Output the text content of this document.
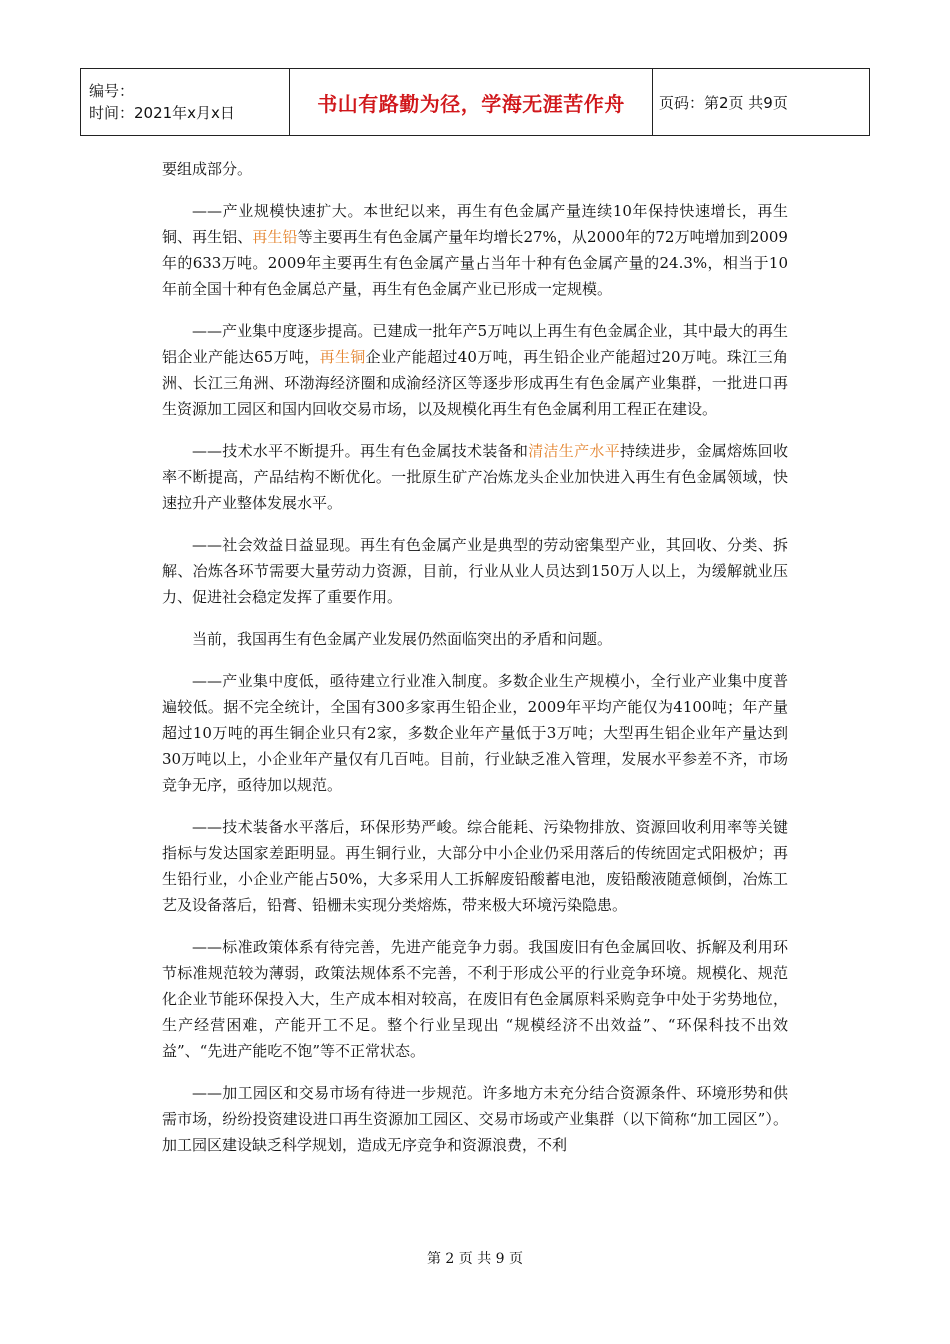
编号：
时间：2021年x月x日	书山有路勤为径，学海无涯苦作舟	页码：第2页 共9页

要组成部分。

——产业规模快速扩大。本世纪以来，再生有色金属产量连续10年保持快速增长，再生铜、再生铝、再生铅等主要再生有色金属产量年均增长27%，从2000年的72万吨增加到2009年的633万吨。2009年主要再生有色金属产量占当年十种有色金属产量的24.3%，相当于10年前全国十种有色金属总产量，再生有色金属产业已形成一定规模。

——产业集中度逐步提高。已建成一批年产5万吨以上再生有色金属企业，其中最大的再生铝企业产能达65万吨，再生铜企业产能超过40万吨，再生铅企业产能超过20万吨。珠江三角洲、长江三角洲、环渤海经济圈和成渝经济区等逐步形成再生有色金属产业集群，一批进口再生资源加工园区和国内回收交易市场，以及规模化再生有色金属利用工程正在建设。

——技术水平不断提升。再生有色金属技术装备和清洁生产水平持续进步，金属熔炼回收率不断提高，产品结构不断优化。一批原生矿产冶炼龙头企业加快进入再生有色金属领域，快速拉升产业整体发展水平。

——社会效益日益显现。再生有色金属产业是典型的劳动密集型产业，其回收、分类、拆解、冶炼各环节需要大量劳动力资源，目前，行业从业人员达到150万人以上，为缓解就业压力、促进社会稳定发挥了重要作用。

当前，我国再生有色金属产业发展仍然面临突出的矛盾和问题。

——产业集中度低，亟待建立行业准入制度。多数企业生产规模小，全行业产业集中度普遍较低。据不完全统计，全国有300多家再生铅企业，2009年平均产能仅为4100吨；年产量超过10万吨的再生铜企业只有2家，多数企业年产量低于3万吨；大型再生铝企业年产量达到30万吨以上，小企业年产量仅有几百吨。目前，行业缺乏准入管理，发展水平参差不齐，市场竞争无序，亟待加以规范。

——技术装备水平落后，环保形势严峻。综合能耗、污染物排放、资源回收利用率等关键指标与发达国家差距明显。再生铜行业，大部分中小企业仍采用落后的传统固定式阳极炉；再生铅行业，小企业产能占50%，大多采用人工拆解废铅酸蓄电池，废铅酸液随意倾倒，冶炼工艺及设备落后，铅膏、铅栅未实现分类熔炼，带来极大环境污染隐患。

——标准政策体系有待完善，先进产能竞争力弱。我国废旧有色金属回收、拆解及利用环节标准规范较为薄弱，政策法规体系不完善，不利于形成公平的行业竞争环境。规模化、规范化企业节能环保投入大，生产成本相对较高，在废旧有色金属原料采购竞争中处于劣势地位，生产经营困难，产能开工不足。整个行业呈现出 “规模经济不出效益”、“环保科技不出效益”、“先进产能吃不饱”等不正常状态。

——加工园区和交易市场有待进一步规范。许多地方未充分结合资源条件、环境形势和供需市场，纷纷投资建设进口再生资源加工园区、交易市场或产业集群（以下简称“加工园区”）。加工园区建设缺乏科学规划，造成无序竞争和资源浪费，不利

第 2 页 共 9 页
